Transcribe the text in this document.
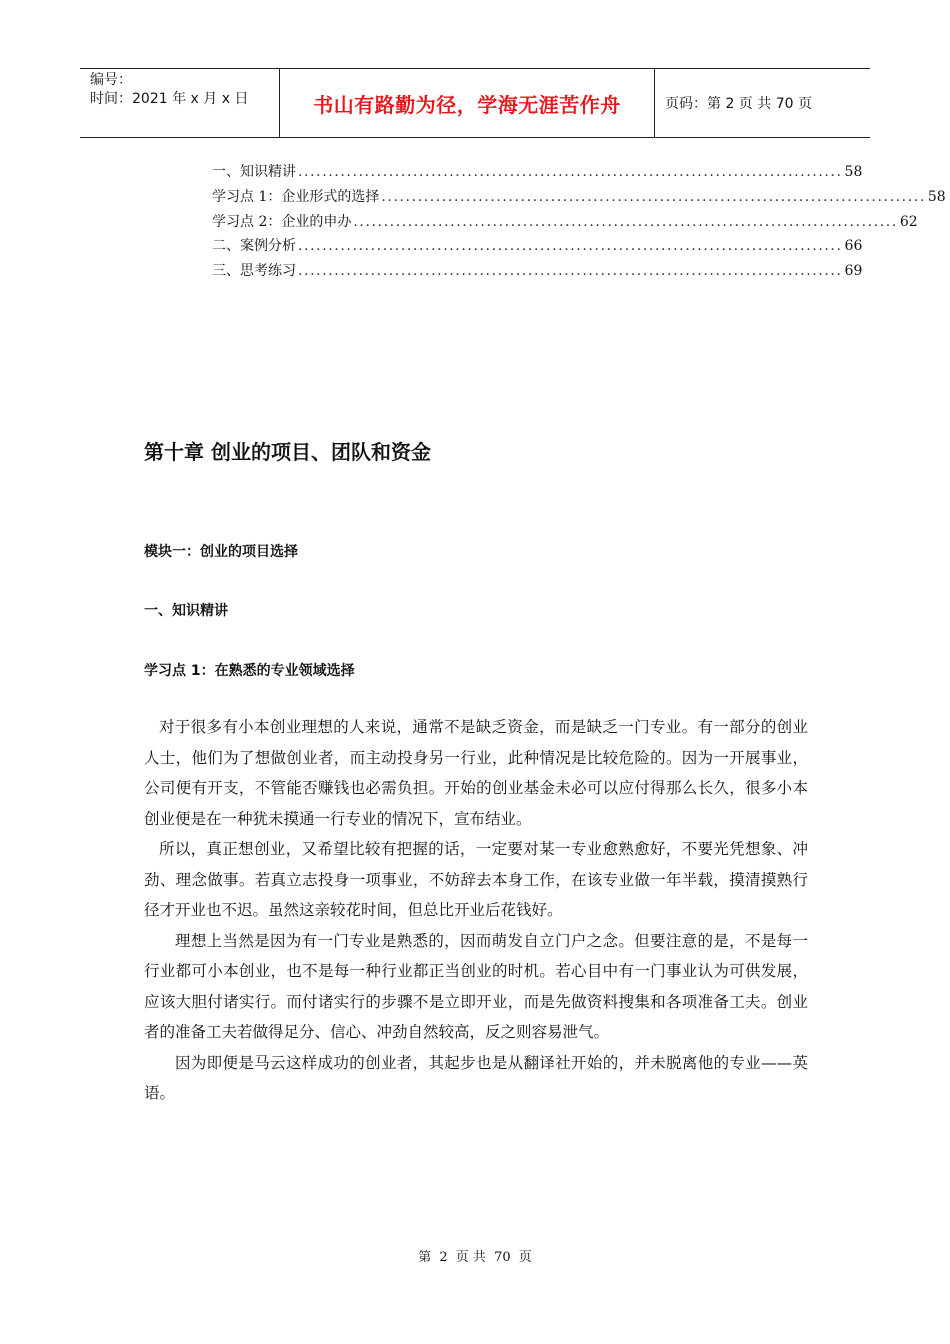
编号：
时间：2021 年 x 月 x 日	书山有路勤为径，学海无涯苦作舟	页码：第 2 页 共 70 页
一、知识精讲 .......................................................................................... 58
学习点 1：企业形式的选择 .......................................................................................... 58
学习点 2：企业的申办 .......................................................................................... 62
二、案例分析 .......................................................................................... 66
三、思考练习 .......................................................................................... 69
第十章 创业的项目、团队和资金
模块一：创业的项目选择
一、知识精讲
学习点 1：在熟悉的专业领域选择

对于很多有小本创业理想的人来说，通常不是缺乏资金，而是缺乏一门专业。有一部分的创业人士，他们为了想做创业者，而主动投身另一行业，此种情况是比较危险的。因为一开展事业，公司便有开支，不管能否赚钱也必需负担。开始的创业基金未必可以应付得那么长久，很多小本创业便是在一种犹未摸通一行专业的情况下，宣布结业。

所以，真正想创业，又希望比较有把握的话，一定要对某一专业愈熟愈好，不要光凭想象、冲劲、理念做事。若真立志投身一项事业，不妨辞去本身工作，在该专业做一年半载，摸清摸熟行径才开业也不迟。虽然这亲较花时间，但总比开业后花钱好。

理想上当然是因为有一门专业是熟悉的，因而萌发自立门户之念。但要注意的是，不是每一行业都可小本创业，也不是每一种行业都正当创业的时机。若心目中有一门事业认为可供发展，应该大胆付诸实行。而付诸实行的步骤不是立即开业，而是先做资料搜集和各项准备工夫。创业者的准备工夫若做得足分、信心、冲劲自然较高，反之则容易泄气。

因为即便是马云这样成功的创业者，其起步也是从翻译社开始的，并未脱离他的专业——英语。

第 2 页 共 70 页
